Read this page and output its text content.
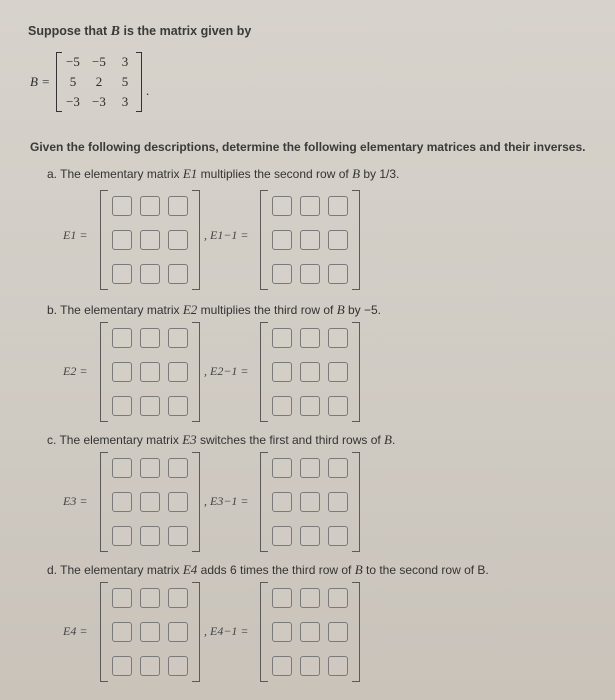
Suppose that B is the matrix given by
B =
−5 −5 3
5 2 5
−3 −3 3
.
Given the following descriptions, determine the following elementary matrices and their inverses.
a. The elementary matrix E1 multiplies the second row of B by 1/3.
E1 =	, E1−1 =
b. The elementary matrix E2 multiplies the third row of B by −5.
E2 =	, E2−1 =
c. The elementary matrix E3 switches the first and third rows of B.
E3 =	, E3−1 =
d. The elementary matrix E4 adds 6 times the third row of B to the second row of B.
E4 =	, E4−1 =
